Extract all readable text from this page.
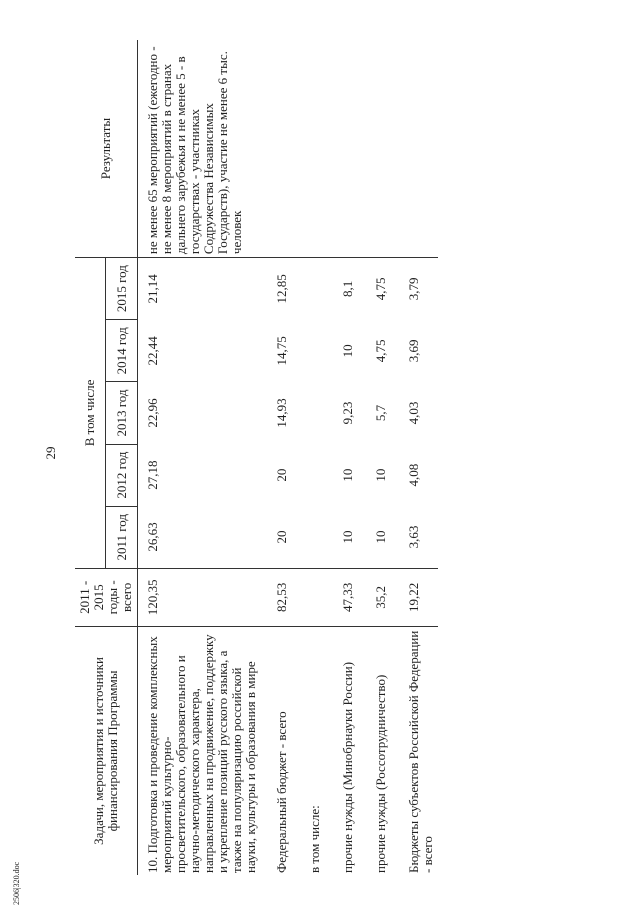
29
2506|320.doc
Задачи, мероприятия и источники финансирования Программы	2011 - 2015 годы - всего	В том числе					Результаты
		2011 год	2012 год	2013 год	2014 год	2015 год	
10. Подготовка и проведение комплексных мероприятий культурно-просветительского, образовательного и научно-методического характера, направленных на продвижение, поддержку и укрепление позиций русского языка, а также на популяризацию российской науки, культуры и образования в мире	120,35	26,63	27,18	22,96	22,44	21,14	не менее 65 мероприятий (ежегодно - не менее 8 мероприятий в странах дальнего зарубежья и не менее 5 - в государствах - участниках Содружества Независимых Государств), участие не менее 6 тыс. человек
Федеральный бюджет - всего	82,53	20	20	14,93	14,75	12,85	
в том числе:							
прочие нужды (Минобрнауки России)	47,33	10	10	9,23	10	8,1	
прочие нужды (Россотрудничество)	35,2	10	10	5,7	4,75	4,75	
Бюджеты субъектов Российской Федерации - всего	19,22	3,63	4,08	4,03	3,69	3,79	
